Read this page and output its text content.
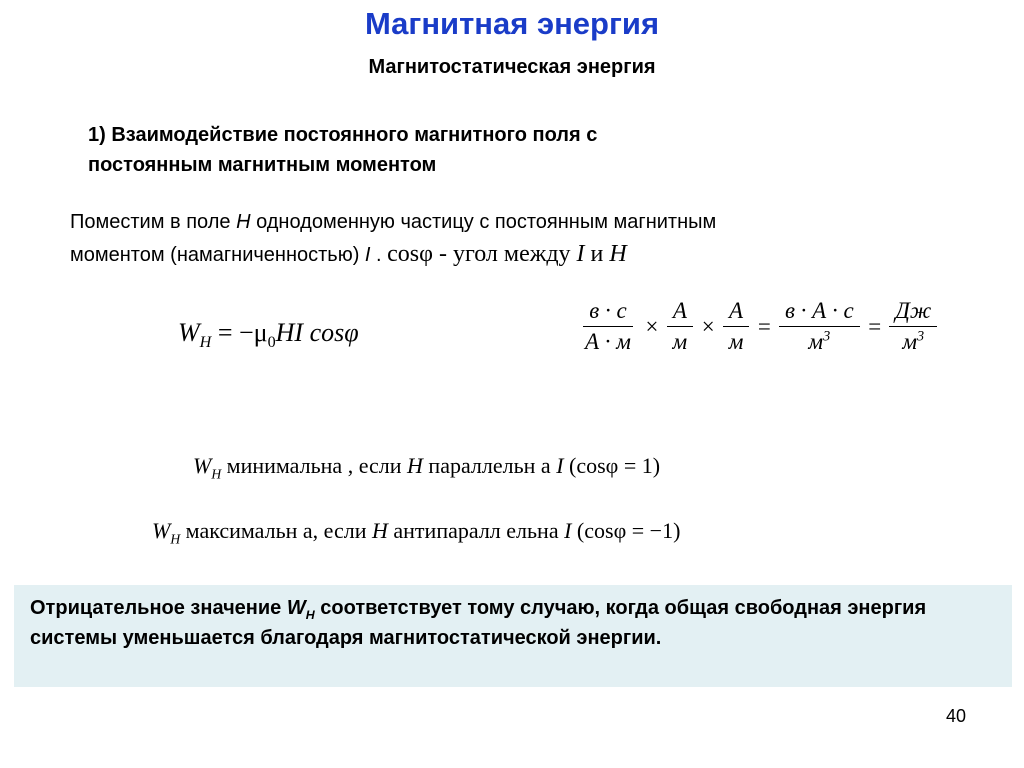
Магнитная энергия
Магнитостатическая энергия
1) Взаимодействие постоянного магнитного поля с
постоянным магнитным моментом
Поместим в поле H однодоменную частицу с постоянным магнитным
моментом (намагниченностью) I . cosφ - угол между I и H
$W_H = -\mu_0HI$ cosφ	$\frac{в \cdot с}{А \cdot м} \times \frac{А}{м} \times \frac{А}{м} = \frac{в \cdot А \cdot с}{м^3} = \frac{Дж}{м^3}$
$W_H$ минимальна , если H параллельн а I (cosφ = 1)
$W_H$ максимальн а, если H антипаралл ельна I (cosφ = −1)
Отрицательное значение $W_H$ соответствует тому случаю, когда общая свободная энергия системы уменьшается благодаря магнитостатической энергии.
40
